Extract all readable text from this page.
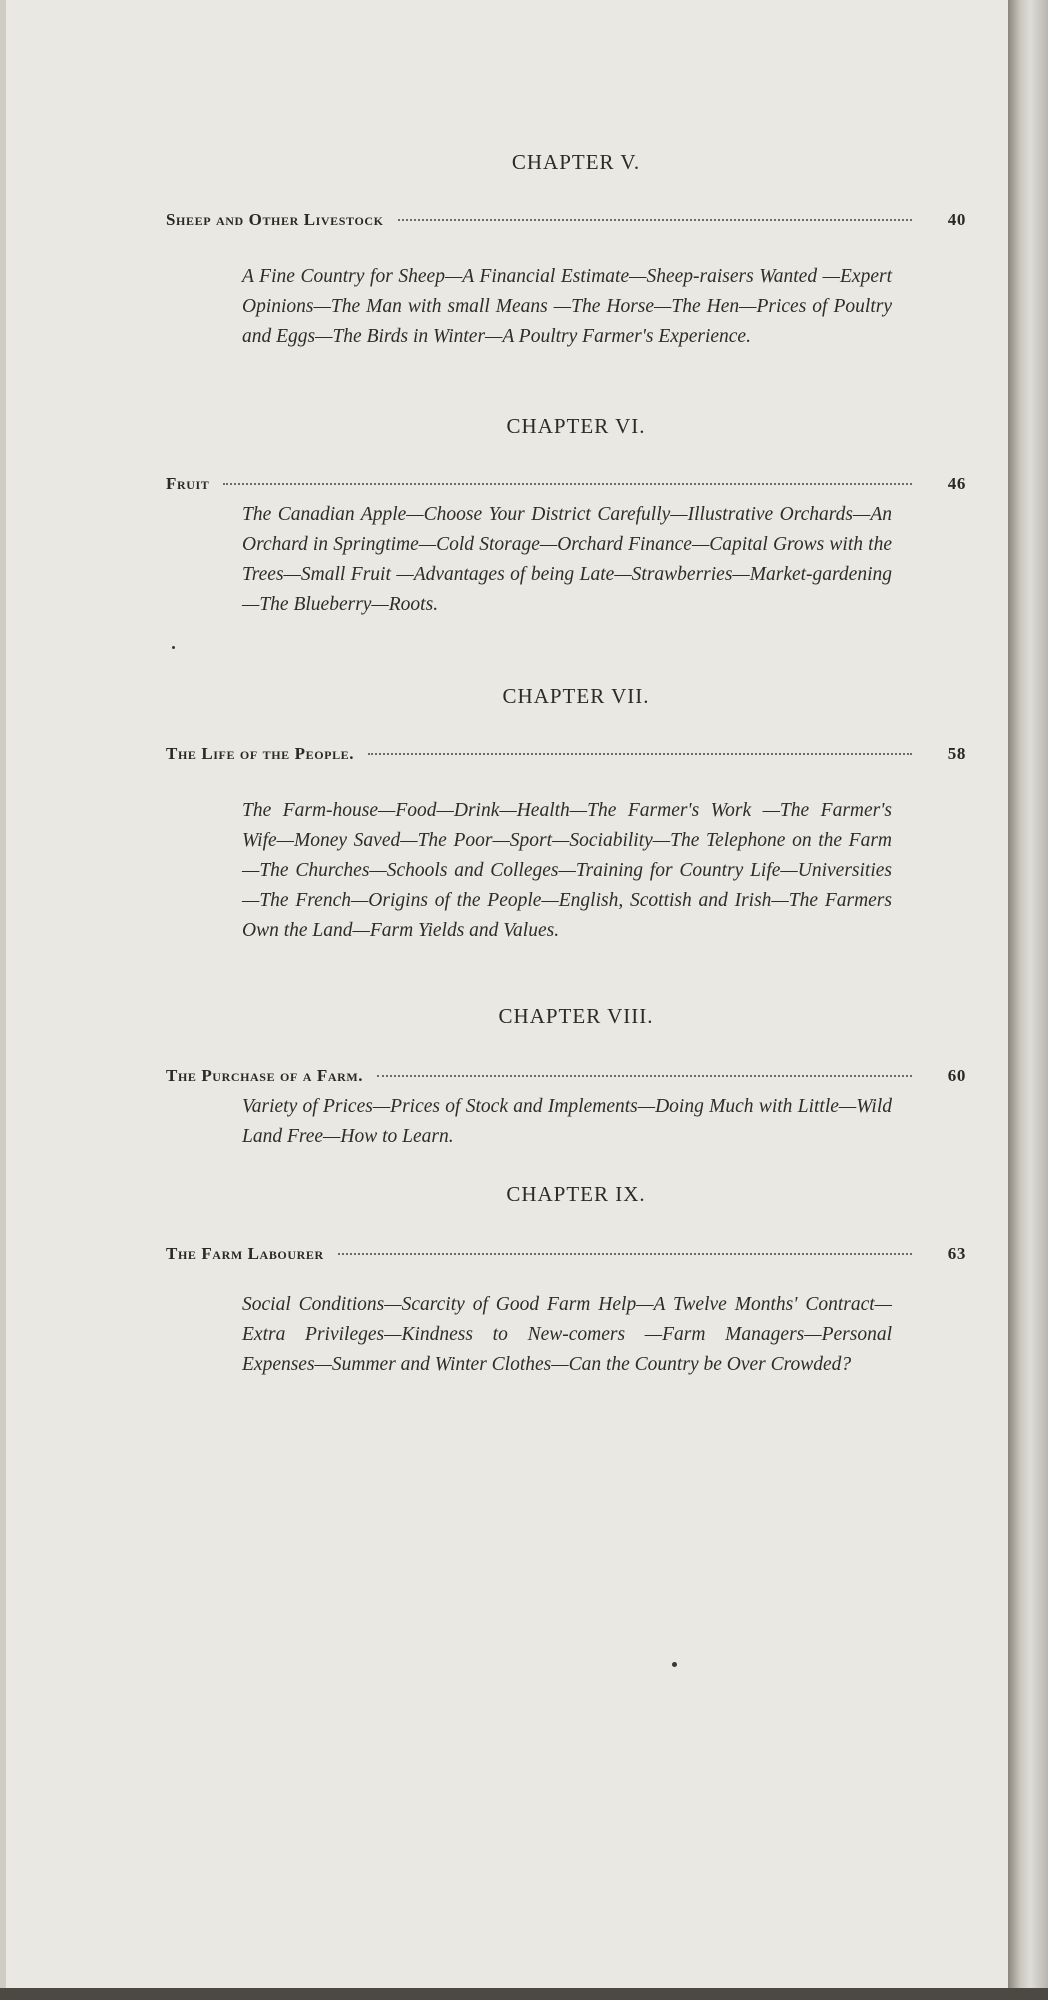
CHAPTER V.
Sheep and Other Livestock	40
A Fine Country for Sheep—A Financial Estimate—Sheep-raisers Wanted —Expert Opinions—The Man with small Means —The Horse—The Hen—Prices of Poultry and Eggs—The Birds in Winter—A Poultry Farmer's Experience.
CHAPTER VI.
Fruit	46
The Canadian Apple—Choose Your District Carefully—Illustrative Orchards—An Orchard in Springtime—Cold Storage—Orchard Finance—Capital Grows with the Trees—Small Fruit —Advantages of being Late—Strawberries—Market-gardening —The Blueberry—Roots.
CHAPTER VII.
The Life of the People.	58
The Farm-house—Food—Drink—Health—The Farmer's Work —The Farmer's Wife—Money Saved—The Poor—Sport—Sociability—The Telephone on the Farm—The Churches—Schools and Colleges—Training for Country Life—Universities—The French—Origins of the People—English, Scottish and Irish—The Farmers Own the Land—Farm Yields and Values.
CHAPTER VIII.
The Purchase of a Farm.	60
Variety of Prices—Prices of Stock and Implements—Doing Much with Little—Wild Land Free—How to Learn.
CHAPTER IX.
The Farm Labourer	63
Social Conditions—Scarcity of Good Farm Help—A Twelve Months' Contract—Extra Privileges—Kindness to New-comers —Farm Managers—Personal Expenses—Summer and Winter Clothes—Can the Country be Over Crowded?
